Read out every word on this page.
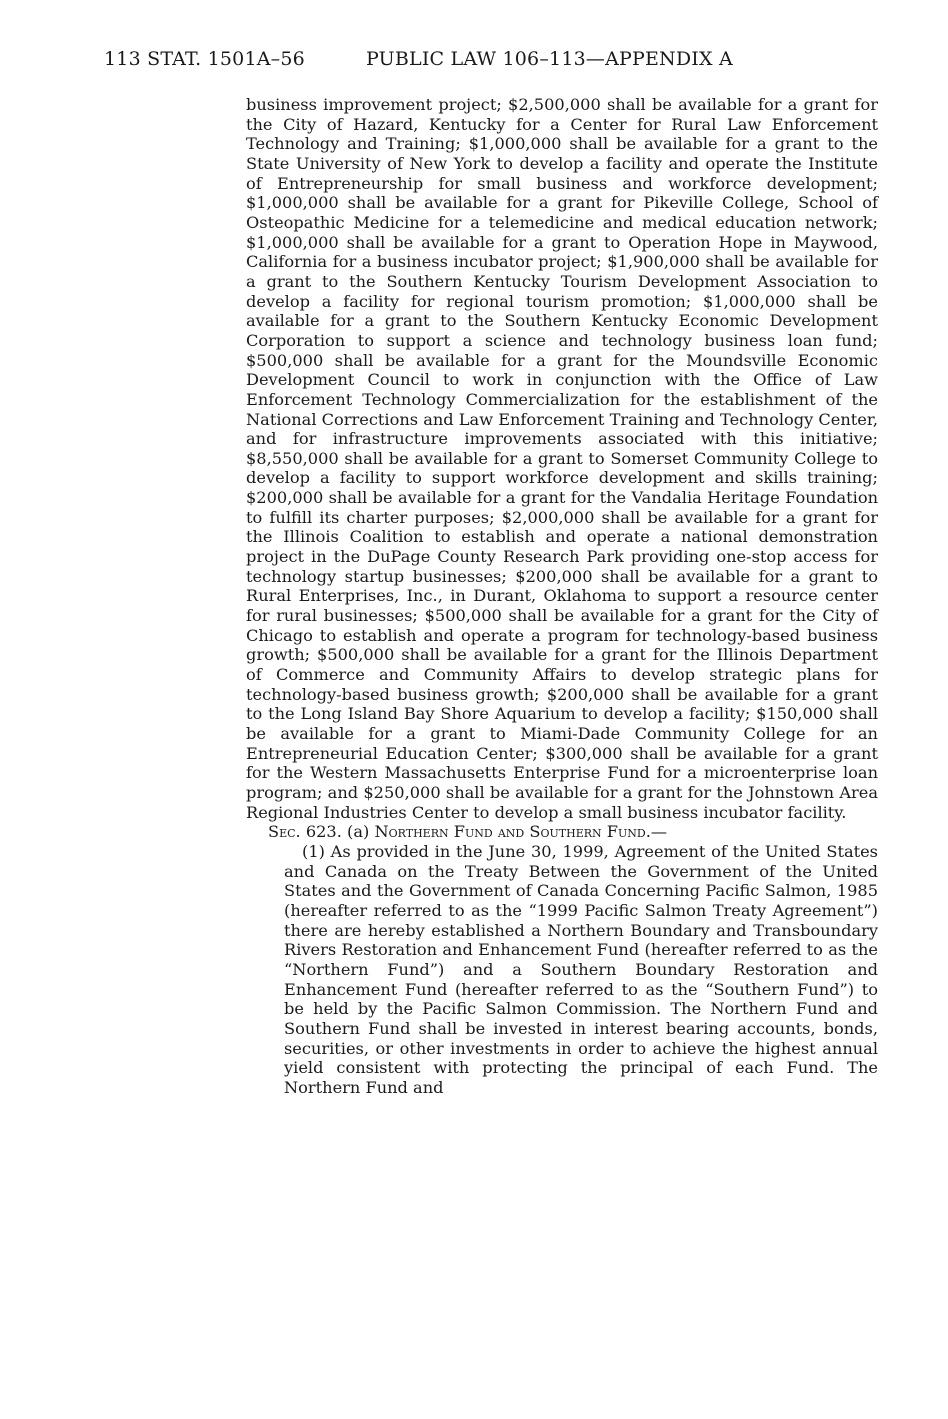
113 STAT. 1501A–56	PUBLIC LAW 106–113—APPENDIX A

business improvement project; $2,500,000 shall be available for a grant for the City of Hazard, Kentucky for a Center for Rural Law Enforcement Technology and Training; $1,000,000 shall be available for a grant to the State University of New York to develop a facility and operate the Institute of Entrepreneurship for small business and workforce development; $1,000,000 shall be available for a grant for Pikeville College, School of Osteopathic Medicine for a telemedicine and medical education network; $1,000,000 shall be available for a grant to Operation Hope in Maywood, California for a business incubator project; $1,900,000 shall be available for a grant to the Southern Kentucky Tourism Development Association to develop a facility for regional tourism promotion; $1,000,000 shall be available for a grant to the Southern Kentucky Economic Development Corporation to support a science and technology business loan fund; $500,000 shall be available for a grant for the Moundsville Economic Development Council to work in conjunction with the Office of Law Enforcement Technology Commercialization for the establishment of the National Corrections and Law Enforcement Training and Technology Center, and for infrastructure improvements associated with this initiative; $8,550,000 shall be available for a grant to Somerset Community College to develop a facility to support workforce development and skills training; $200,000 shall be available for a grant for the Vandalia Heritage Foundation to fulfill its charter purposes; $2,000,000 shall be available for a grant for the Illinois Coalition to establish and operate a national demonstration project in the DuPage County Research Park providing one-stop access for technology startup businesses; $200,000 shall be available for a grant to Rural Enterprises, Inc., in Durant, Oklahoma to support a resource center for rural businesses; $500,000 shall be available for a grant for the City of Chicago to establish and operate a program for technology-based business growth; $500,000 shall be available for a grant for the Illinois Department of Commerce and Community Affairs to develop strategic plans for technology-based business growth; $200,000 shall be available for a grant to the Long Island Bay Shore Aquarium to develop a facility; $150,000 shall be available for a grant to Miami-Dade Community College for an Entrepreneurial Education Center; $300,000 shall be available for a grant for the Western Massachusetts Enterprise Fund for a microenterprise loan program; and $250,000 shall be available for a grant for the Johnstown Area Regional Industries Center to develop a small business incubator facility.

Sec. 623. (a) Northern Fund and Southern Fund.—

(1) As provided in the June 30, 1999, Agreement of the United States and Canada on the Treaty Between the Government of the United States and the Government of Canada Concerning Pacific Salmon, 1985 (hereafter referred to as the “1999 Pacific Salmon Treaty Agreement”) there are hereby established a Northern Boundary and Transboundary Rivers Restoration and Enhancement Fund (hereafter referred to as the “Northern Fund”) and a Southern Boundary Restoration and Enhancement Fund (hereafter referred to as the “Southern Fund”) to be held by the Pacific Salmon Commission. The Northern Fund and Southern Fund shall be invested in interest bearing accounts, bonds, securities, or other investments in order to achieve the highest annual yield consistent with protecting the principal of each Fund. The Northern Fund and
